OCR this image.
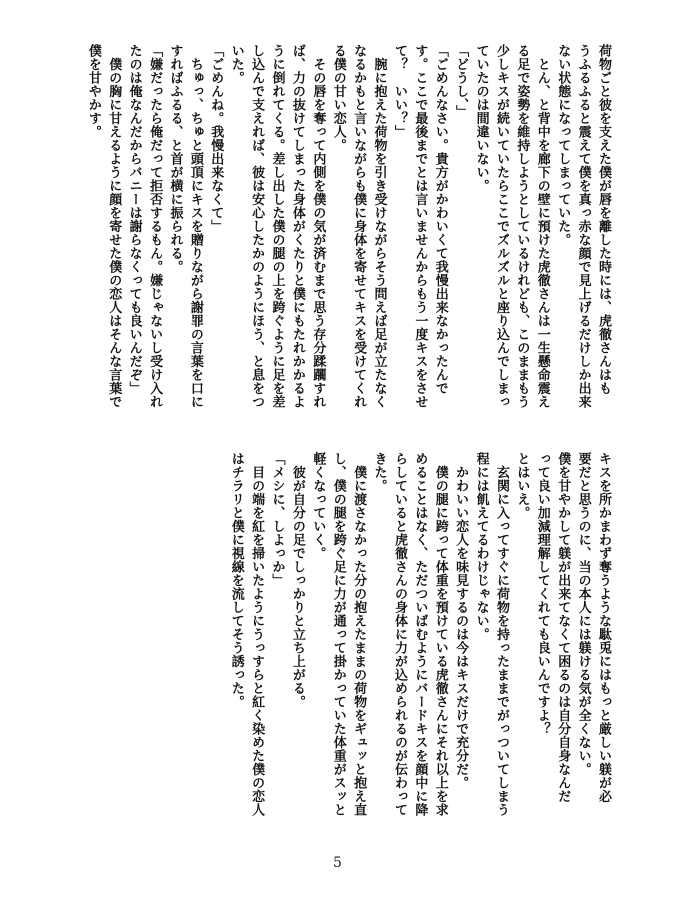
荷物ごと彼を支えた僕が唇を離した時には、虎徹さんはも
うふるふると震えて僕を真っ赤な顔で見上げるだけしか出来
ない状態になってしまっていた。
　とん、と背中を廊下の壁に預けた虎徹さんは一生懸命震え
る足で姿勢を維持しようとしているけれども、このままもう
少しキスが続いていたらここでズルズルと座り込んでしまっ
ていたのは間違いない。
「どうし、」
「ごめんなさい。貴方がかわいくて我慢出来なかったんで
す。ここで最後までとは言いませんからもう一度キスをさせ
て？　いい？」
　腕に抱えた荷物を引き受けながらそう問えば足が立たなく
なるかもと言いながらも僕に身体を寄せてキスを受けてくれ
る僕の甘い恋人。
　その唇を奪って内側を僕の気が済むまで思う存分蹂躙すれ
ば、力の抜けてしまった身体がくたりと僕にもたれかかるよ
うに倒れてくる。差し出した僕の腿の上を跨ぐように足を差
し込んで支えれば、彼は安心したかのようにほう、と息をつ
いた。
「ごめんね。我慢出来なくて」
　ちゅっ、ちゅと頭頂にキスを贈りながら謝罪の言葉を口に
すればふるる、と首が横に振られる。
「嫌だったら俺だって拒否するもん。嫌じゃないし受け入れ
たのは俺なんだからバニーは謝らなくっても良いんだぞ」
　僕の胸に甘えるように顔を寄せた僕の恋人はそんな言葉で
僕を甘やかす。
キスを所かまわず奪うような駄兎にはもっと厳しい躾が必
要だと思うのに、当の本人には躾ける気が全くない。
僕を甘やかして躾が出来てなくて困るのは自分自身なんだ
って良い加減理解してくれても良いんですよ？
とはいえ。
　玄関に入ってすぐに荷物を持ったままでがっついてしまう
程には飢えてるわけじゃない。
　かわいい恋人を味見するのは今はキスだけで充分だ。
　僕の腿に跨って体重を預けている虎徹さんにそれ以上を求
めることはなく、ただついばむようにバードキスを顔中に降
らしていると虎徹さんの身体に力が込められるのが伝わって
きた。
　僕に渡さなかった分の抱えたままの荷物をギュッと抱え直
し、僕の腿を跨ぐ足に力が通って掛かっていた体重がスッと
軽くなっていく。
　彼が自分の足でしっかりと立ち上がる。
「メシに、しよっか」
　目の端を紅を掃いたようにうっすらと紅く染めた僕の恋人
はチラリと僕に視線を流してそう誘った。
5
